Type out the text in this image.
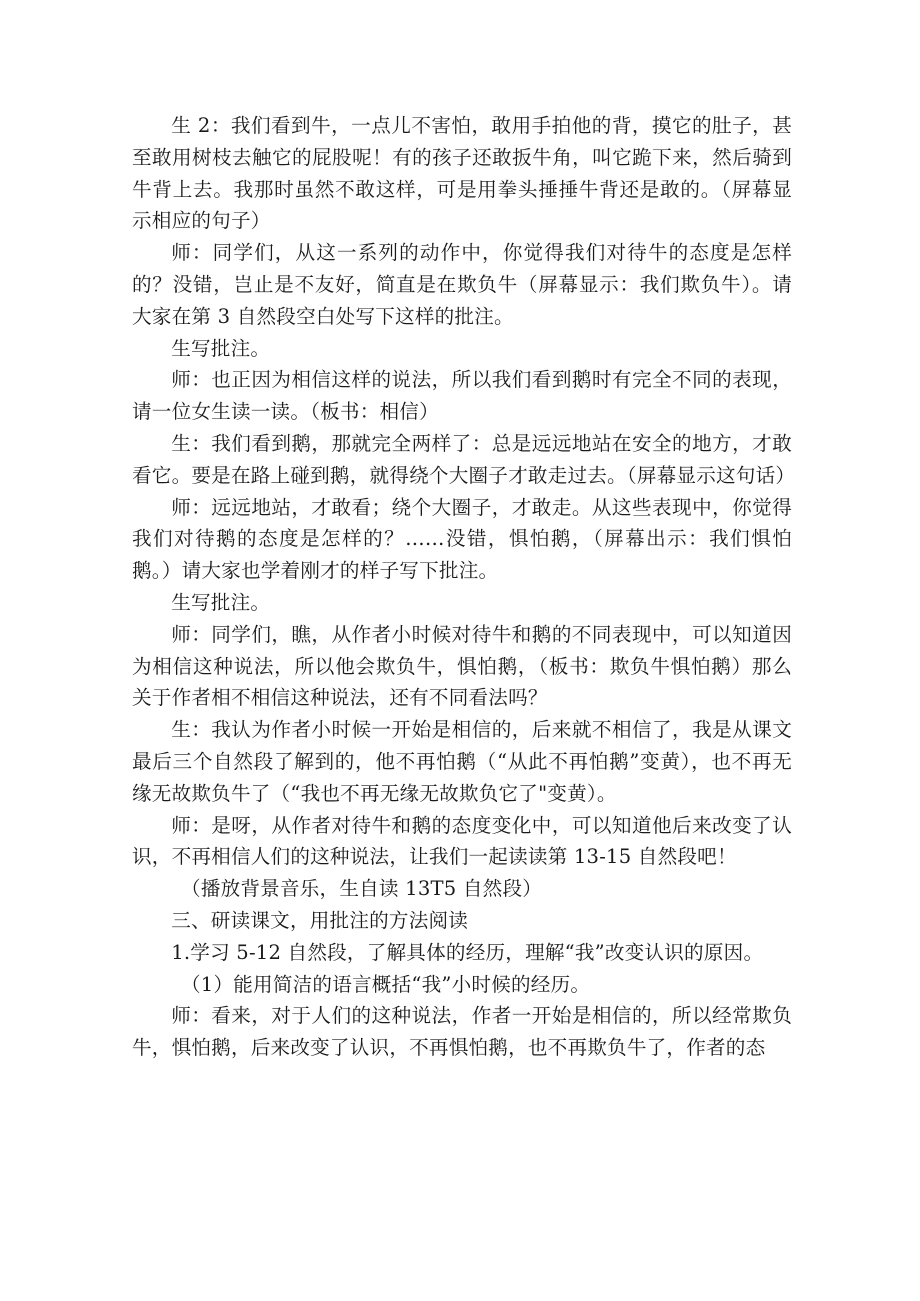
生 2：我们看到牛，一点儿不害怕，敢用手拍他的背，摸它的肚子，甚至敢用树枝去触它的屁股呢！有的孩子还敢扳牛角，叫它跪下来，然后骑到牛背上去。我那时虽然不敢这样，可是用拳头捶捶牛背还是敢的。（屏幕显示相应的句子）

师：同学们，从这一系列的动作中，你觉得我们对待牛的态度是怎样的？没错，岂止是不友好，简直是在欺负牛（屏幕显示：我们欺负牛）。请大家在第 3 自然段空白处写下这样的批注。

生写批注。

师：也正因为相信这样的说法，所以我们看到鹅时有完全不同的表现，请一位女生读一读。（板书：相信）

生：我们看到鹅，那就完全两样了：总是远远地站在安全的地方，才敢看它。要是在路上碰到鹅，就得绕个大圈子才敢走过去。（屏幕显示这句话）

师：远远地站，才敢看；绕个大圈子，才敢走。从这些表现中，你觉得我们对待鹅的态度是怎样的？……没错，惧怕鹅，（屏幕出示：我们惧怕鹅。）请大家也学着刚才的样子写下批注。

生写批注。

师：同学们，瞧，从作者小时候对待牛和鹅的不同表现中，可以知道因为相信这种说法，所以他会欺负牛，惧怕鹅，（板书：欺负牛惧怕鹅）那么关于作者相不相信这种说法，还有不同看法吗？

生：我认为作者小时候一开始是相信的，后来就不相信了，我是从课文最后三个自然段了解到的，他不再怕鹅（“从此不再怕鹅”变黄），也不再无缘无故欺负牛了（“我也不再无缘无故欺负它了"变黄）。

师：是呀，从作者对待牛和鹅的态度变化中，可以知道他后来改变了认识，不再相信人们的这种说法，让我们一起读读第 13-15 自然段吧！

（播放背景音乐，生自读 13T5 自然段）

三、研读课文，用批注的方法阅读

1.学习 5-12 自然段，了解具体的经历，理解“我”改变认识的原因。

（1）能用简洁的语言概括“我”小时候的经历。

师：看来，对于人们的这种说法，作者一开始是相信的，所以经常欺负牛，惧怕鹅，后来改变了认识，不再惧怕鹅，也不再欺负牛了，作者的态
